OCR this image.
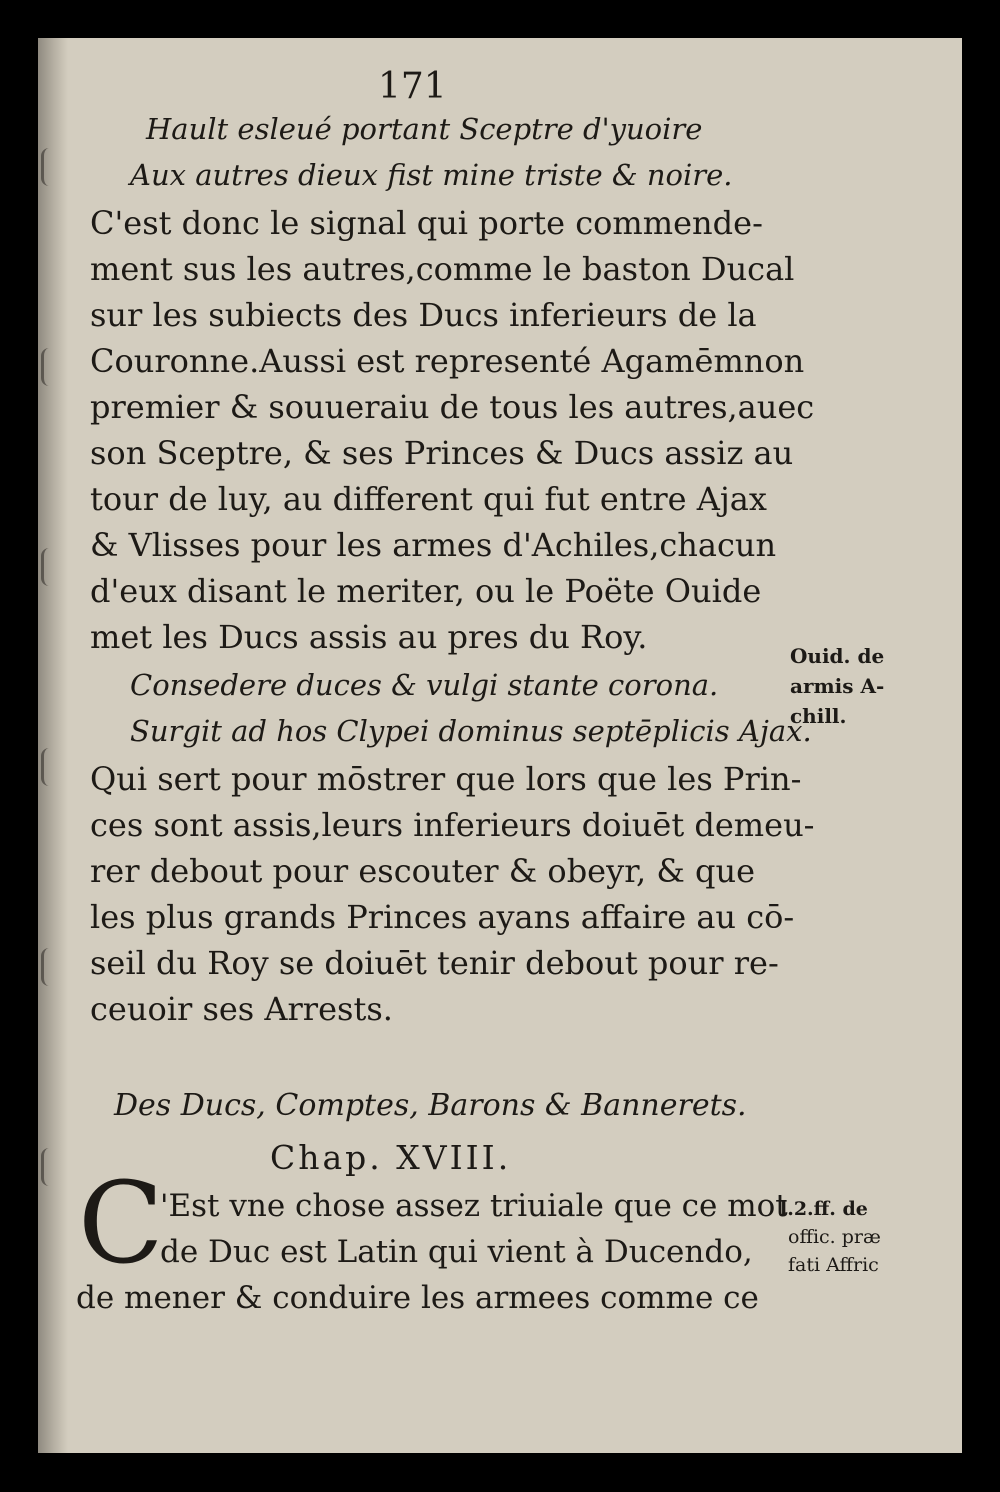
171
Hault esleué portant Sceptre d'yuoire
Aux autres dieux fist mine triste & noire.
C'est donc le signal qui porte commende-
ment sus les autres,comme le baston Ducal
sur les subiects des Ducs inferieurs de la
Couronne.Aussi est representé Agamēmnon
premier & souueraiu de tous les autres,auec
son Sceptre, & ses Princes & Ducs assiz au
tour de luy, au different qui fut entre Ajax
& Vlisses pour les armes d'Achiles,chacun
d'eux disant le meriter, ou le Poëte Ouide
met les Ducs assis au pres du Roy.	Ouid. de
armis A-
chill.
Consedere duces & vulgi stante corona.
Surgit ad hos Clypei dominus septēplicis Ajax.
Qui sert pour mōstrer que lors que les Prin-
ces sont assis,leurs inferieurs doiuēt demeu-
rer debout pour escouter & obeyr, & que
les plus grands Princes ayans affaire au cō-
seil du Roy se doiuēt tenir debout pour re-
ceuoir ses Arrests.
Des Ducs, Comptes, Barons & Bannerets.
Chap. XVIII.
C
'Est vne chose assez triuiale que ce mot
de Duc est Latin qui vient à Ducendo,
de mener & conduire les armees comme ce
l.2.ff. de
offic. præ
fati Affric
